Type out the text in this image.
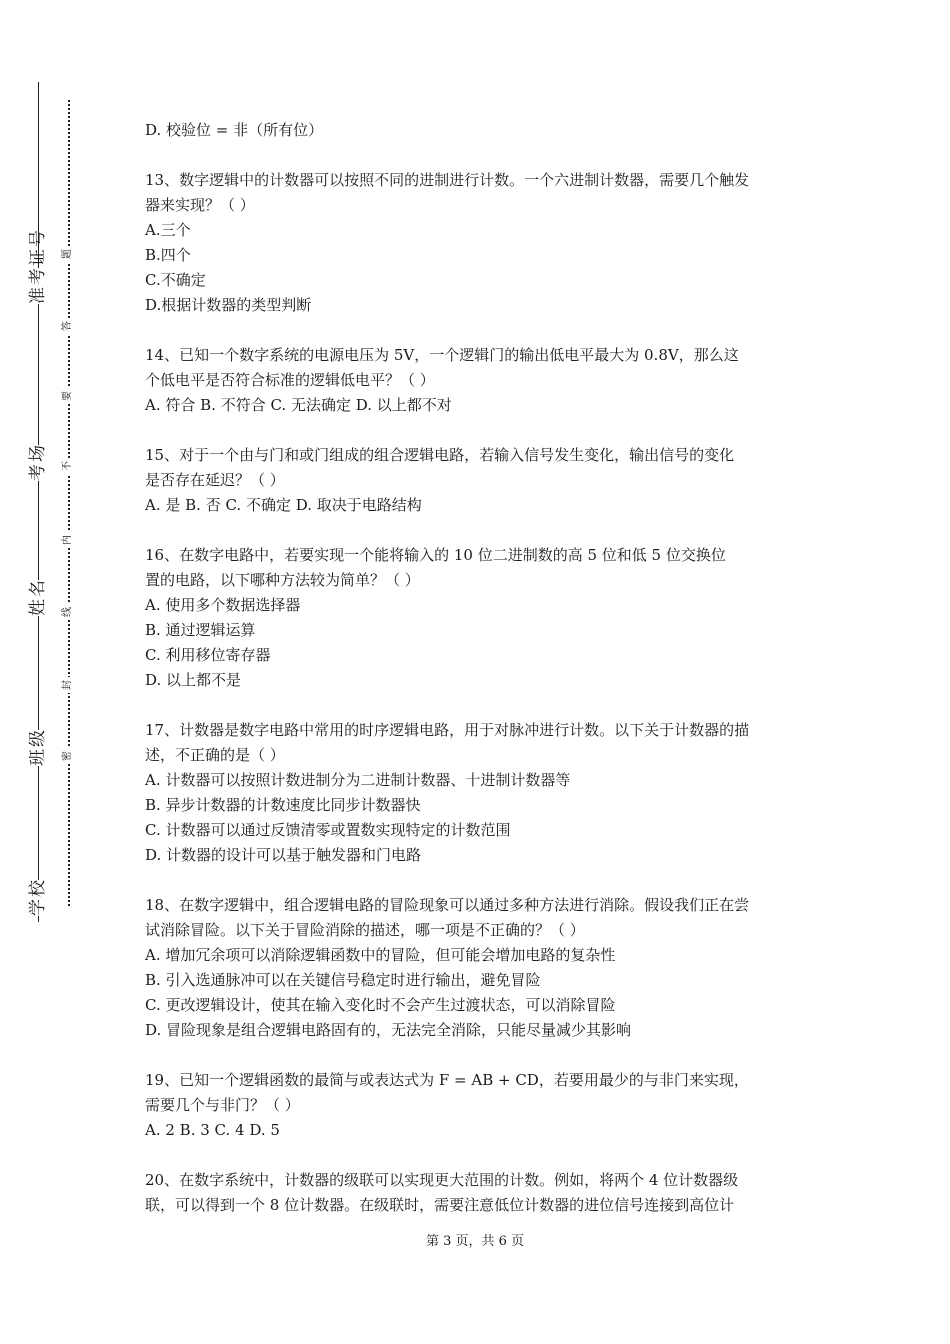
准考证号
考场
姓名
班级
学校
题
答
要
不
内
线
封
密

D. 校验位 = 非（所有位）

13、数字逻辑中的计数器可以按照不同的进制进行计数。一个六进制计数器，需要几个触发

器来实现？（ ）

A.三个

B.四个

C.不确定

D.根据计数器的类型判断

14、已知一个数字系统的电源电压为 5V，一个逻辑门的输出低电平最大为 0.8V，那么这

个低电平是否符合标准的逻辑低电平？（ ）

A. 符合 B. 不符合 C. 无法确定 D. 以上都不对

15、对于一个由与门和或门组成的组合逻辑电路，若输入信号发生变化，输出信号的变化

是否存在延迟？（ ）

A. 是 B. 否 C. 不确定 D. 取决于电路结构

16、在数字电路中，若要实现一个能将输入的 10 位二进制数的高 5 位和低 5 位交换位

置的电路，以下哪种方法较为简单？（ ）

A. 使用多个数据选择器

B. 通过逻辑运算

C. 利用移位寄存器

D. 以上都不是

17、计数器是数字电路中常用的时序逻辑电路，用于对脉冲进行计数。以下关于计数器的描

述，不正确的是（ ）

A. 计数器可以按照计数进制分为二进制计数器、十进制计数器等

B. 异步计数器的计数速度比同步计数器快

C. 计数器可以通过反馈清零或置数实现特定的计数范围

D. 计数器的设计可以基于触发器和门电路

18、在数字逻辑中，组合逻辑电路的冒险现象可以通过多种方法进行消除。假设我们正在尝

试消除冒险。以下关于冒险消除的描述，哪一项是不正确的？（ ）

A. 增加冗余项可以消除逻辑函数中的冒险，但可能会增加电路的复杂性

B. 引入选通脉冲可以在关键信号稳定时进行输出，避免冒险

C. 更改逻辑设计，使其在输入变化时不会产生过渡状态，可以消除冒险

D. 冒险现象是组合逻辑电路固有的，无法完全消除，只能尽量减少其影响

19、已知一个逻辑函数的最简与或表达式为 F = AB + CD，若要用最少的与非门来实现，

需要几个与非门？（ ）

A. 2 B. 3 C. 4 D. 5

20、在数字系统中，计数器的级联可以实现更大范围的计数。例如，将两个 4 位计数器级

联，可以得到一个 8 位计数器。在级联时，需要注意低位计数器的进位信号连接到高位计

第 3 页，共 6 页
